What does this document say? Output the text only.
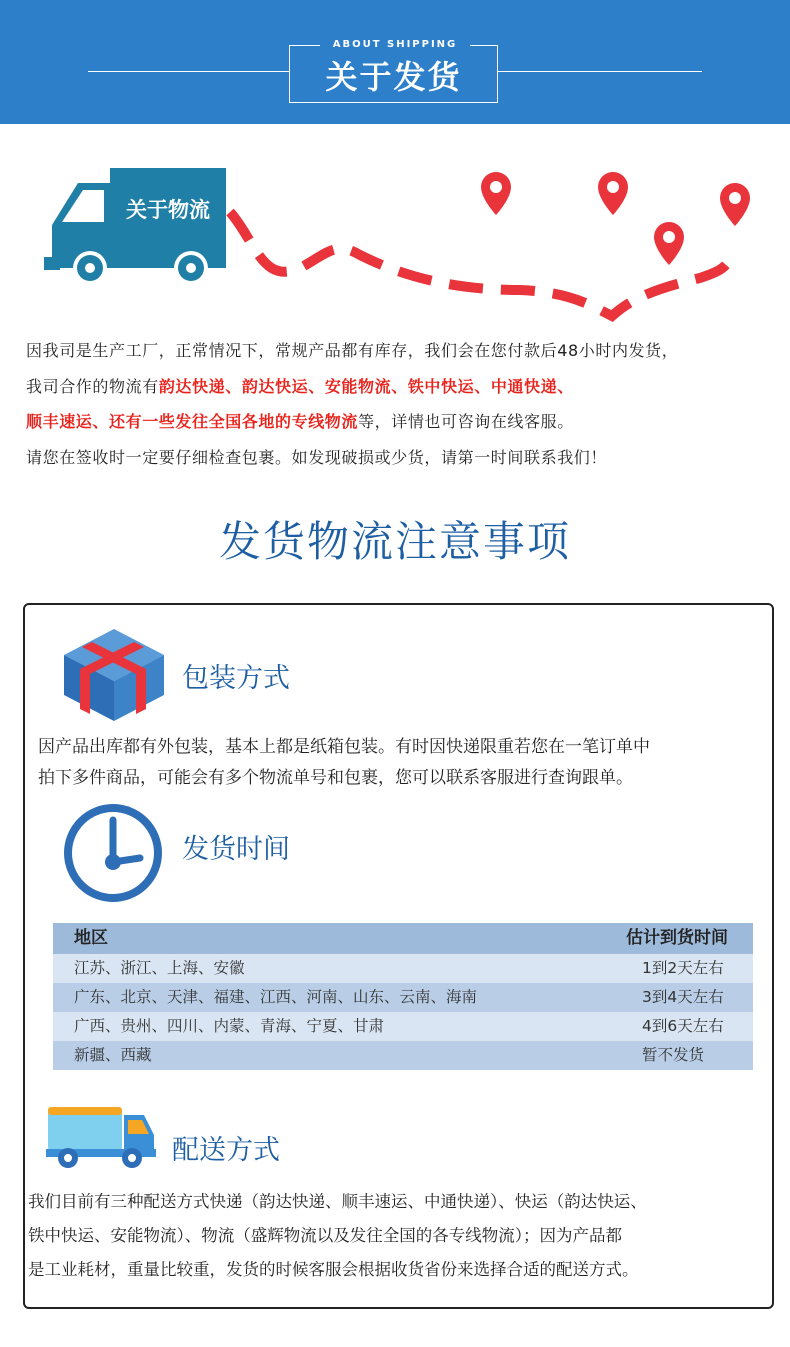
ABOUT SHIPPING
关于发货
关于物流
因我司是生产工厂，正常情况下，常规产品都有库存，我们会在您付款后48小时内发货，
我司合作的物流有韵达快递、韵达快运、安能物流、铁中快运、中通快递、
顺丰速运、还有一些发往全国各地的专线物流等，详情也可咨询在线客服。
请您在签收时一定要仔细检查包裹。如发现破损或少货，请第一时间联系我们！
发货物流注意事项
包装方式
因产品出库都有外包装，基本上都是纸箱包装。有时因快递限重若您在一笔订单中
拍下多件商品，可能会有多个物流单号和包裹，您可以联系客服进行查询跟单。
发货时间
地区	估计到货时间
江苏、浙江、上海、安徽	1到2天左右
广东、北京、天津、福建、江西、河南、山东、云南、海南	3到4天左右
广西、贵州、四川、内蒙、青海、宁夏、甘肃	4到6天左右
新疆、西藏	暂不发货
配送方式
我们目前有三种配送方式快递（韵达快递、顺丰速运、中通快递）、快运（韵达快运、
铁中快运、安能物流）、物流（盛辉物流以及发往全国的各专线物流）；因为产品都
是工业耗材，重量比较重，发货的时候客服会根据收货省份来选择合适的配送方式。
